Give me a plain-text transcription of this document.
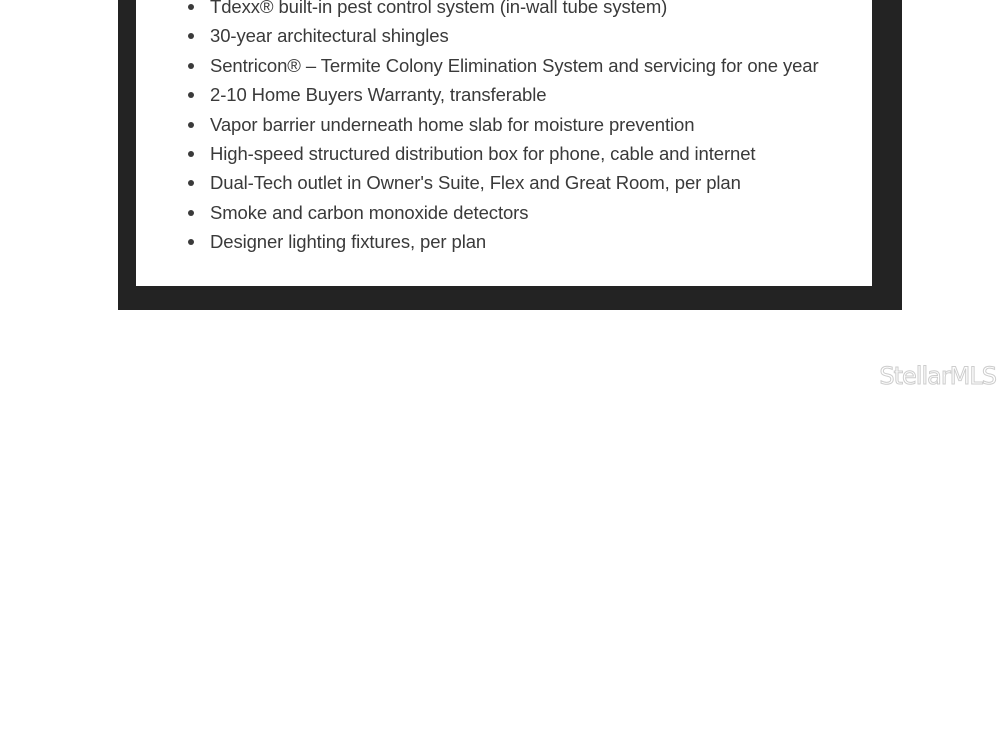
Tdexx® built-in pest control system (in-wall tube system)
30-year architectural shingles
Sentricon® – Termite Colony Elimination System and servicing for one year
2-10 Home Buyers Warranty, transferable
Vapor barrier underneath home slab for moisture prevention
High-speed structured distribution box for phone, cable and internet
Dual-Tech outlet in Owner's Suite, Flex and Great Room, per plan
Smoke and carbon monoxide detectors
Designer lighting fixtures, per plan
StellarMLS
